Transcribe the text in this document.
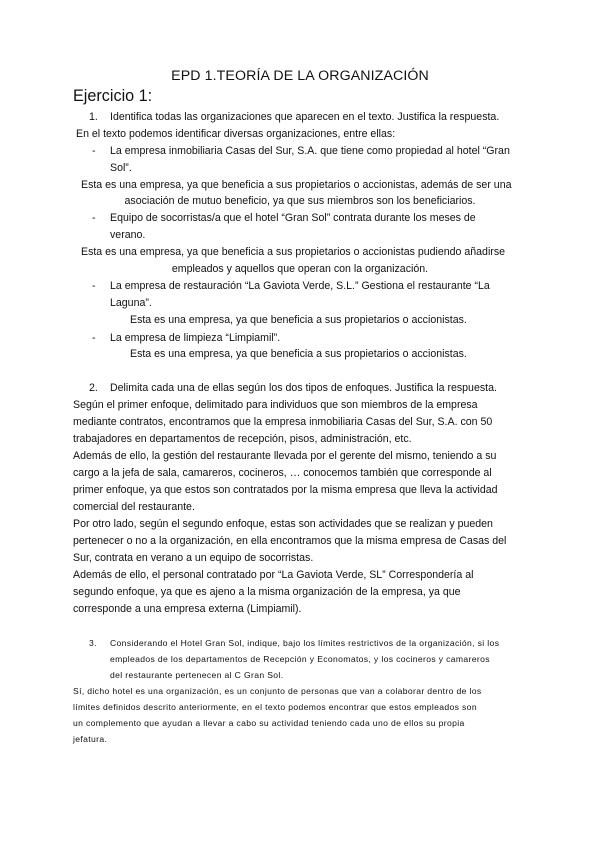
EPD 1.TEORÍA DE LA ORGANIZACIÓN
Ejercicio 1:
1. Identifica todas las organizaciones que aparecen en el texto. Justifica la respuesta.
En el texto podemos identificar diversas organizaciones, entre ellas:
- La empresa inmobiliaria Casas del Sur, S.A. que tiene como propiedad al hotel “Gran
Sol”.
Esta es una empresa, ya que beneficia a sus propietarios o accionistas, además de ser una
asociación de mutuo beneficio, ya que sus miembros son los beneficiarios.
- Equipo de socorristas/a que el hotel “Gran Sol” contrata durante los meses de
verano.
Esta es una empresa, ya que beneficia a sus propietarios o accionistas pudiendo añadirse
empleados y aquellos que operan con la organización.
- La empresa de restauración “La Gaviota Verde, S.L.” Gestiona el restaurante “La
Laguna”.
Esta es una empresa, ya que beneficia a sus propietarios o accionistas.
- La empresa de limpieza “Limpiamil”.
Esta es una empresa, ya que beneficia a sus propietarios o accionistas.
2. Delimita cada una de ellas según los dos tipos de enfoques. Justifica la respuesta.
Según el primer enfoque, delimitado para individuos que son miembros de la empresa
mediante contratos, encontramos que la empresa inmobiliaria Casas del Sur, S.A. con 50
trabajadores en departamentos de recepción, pisos, administración, etc.
Además de ello, la gestión del restaurante llevada por el gerente del mismo, teniendo a su
cargo a la jefa de sala, camareros, cocineros, … conocemos también que corresponde al
primer enfoque, ya que estos son contratados por la misma empresa que lleva la actividad
comercial del restaurante.
Por otro lado, según el segundo enfoque, estas son actividades que se realizan y pueden
pertenecer o no a la organización, en ella encontramos que la misma empresa de Casas del
Sur, contrata en verano a un equipo de socorristas.
Además de ello, el personal contratado por “La Gaviota Verde, SL” Correspondería al
segundo enfoque, ya que es ajeno a la misma organización de la empresa, ya que
corresponde a una empresa externa (Limpiamil).
3. Considerando el Hotel Gran Sol, indique, bajo los límites restrictivos de la organización, si los
empleados de los departamentos de Recepción y Economatos, y los cocineros y camareros
del restaurante pertenecen al C Gran Sol.
Sí, dicho hotel es una organización, es un conjunto de personas que van a colaborar dentro de los
límites definidos descrito anteriormente, en el texto podemos encontrar que estos empleados son
un complemento que ayudan a llevar a cabo su actividad teniendo cada uno de ellos su propia
jefatura.
